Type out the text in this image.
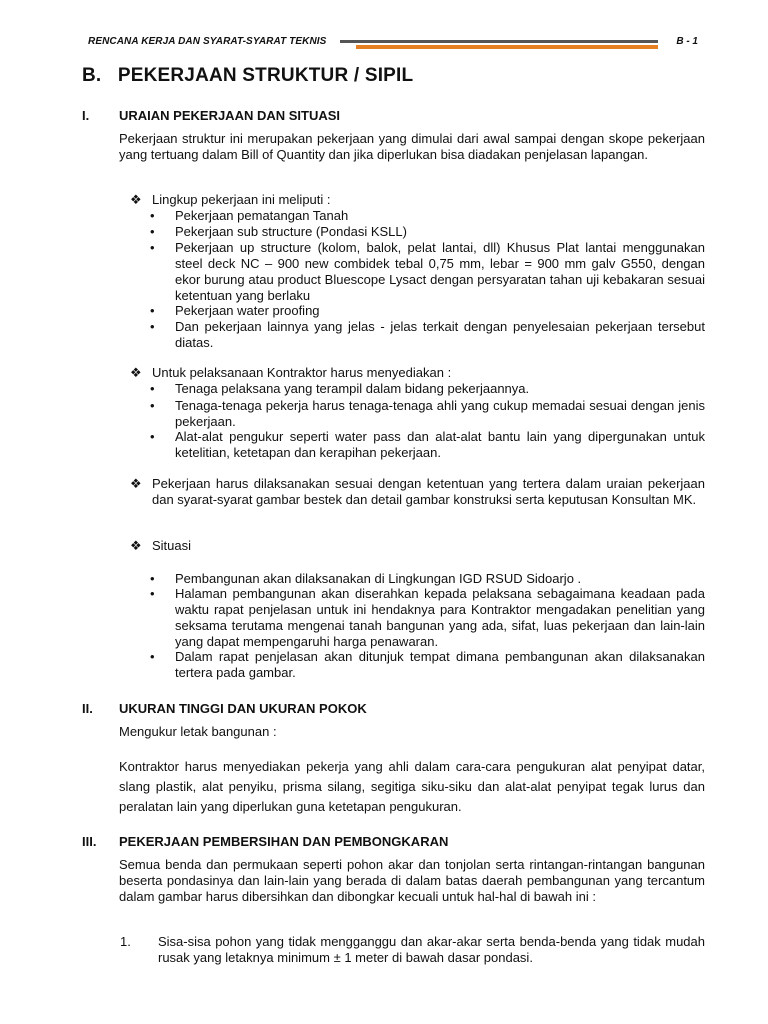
RENCANA KERJA DAN SYARAT-SYARAT TEKNIS	B - 1
B.   PEKERJAAN STRUKTUR / SIPIL
I. URAIAN PEKERJAAN DAN SITUASI
Pekerjaan struktur ini merupakan pekerjaan yang dimulai dari awal sampai dengan skope pekerjaan yang tertuang dalam Bill of Quantity dan jika diperlukan bisa diadakan penjelasan lapangan.
❖ Lingkup pekerjaan ini meliputi :
• Pekerjaan pematangan Tanah
• Pekerjaan sub structure (Pondasi KSLL)
• Pekerjaan up structure (kolom, balok, pelat lantai, dll) Khusus Plat lantai menggunakan steel deck NC – 900 new combidek tebal 0,75 mm, lebar = 900 mm galv G550, dengan ekor burung atau product Bluescope Lysact dengan persyaratan tahan uji kebakaran sesuai ketentuan yang berlaku
• Pekerjaan water proofing
• Dan pekerjaan lainnya yang jelas - jelas terkait dengan penyelesaian pekerjaan tersebut diatas.
❖ Untuk pelaksanaan Kontraktor harus menyediakan :
• Tenaga pelaksana yang terampil dalam bidang pekerjaannya.
• Tenaga-tenaga pekerja harus tenaga-tenaga ahli yang cukup memadai sesuai dengan jenis pekerjaan.
• Alat-alat pengukur seperti water pass dan alat-alat bantu lain yang dipergunakan untuk ketelitian, ketetapan dan kerapihan pekerjaan.
❖ Pekerjaan harus dilaksanakan sesuai dengan ketentuan yang tertera dalam uraian pekerjaan dan syarat-syarat gambar bestek dan detail gambar konstruksi serta keputusan Konsultan MK.
❖ Situasi
• Pembangunan akan dilaksanakan di Lingkungan IGD RSUD Sidoarjo .
• Halaman pembangunan akan diserahkan kepada pelaksana sebagaimana keadaan pada waktu rapat penjelasan untuk ini hendaknya para Kontraktor mengadakan penelitian yang seksama terutama mengenai tanah bangunan yang ada, sifat, luas pekerjaan dan lain-lain yang dapat mempengaruhi harga penawaran.
• Dalam rapat penjelasan akan ditunjuk tempat dimana pembangunan akan dilaksanakan tertera pada gambar.
II. UKURAN TINGGI DAN UKURAN POKOK
Mengukur letak bangunan :
Kontraktor harus menyediakan pekerja yang ahli dalam cara-cara pengukuran alat penyipat datar, slang plastik, alat penyiku, prisma silang, segitiga siku-siku dan alat-alat penyipat tegak lurus dan peralatan lain yang diperlukan guna ketetapan pengukuran.
III. PEKERJAAN PEMBERSIHAN DAN PEMBONGKARAN
Semua benda dan permukaan seperti pohon akar dan tonjolan serta rintangan-rintangan bangunan beserta pondasinya dan lain-lain yang berada di dalam batas daerah pembangunan yang tercantum dalam gambar harus dibersihkan dan dibongkar kecuali untuk hal-hal di bawah ini :
1. Sisa-sisa pohon yang tidak mengganggu dan akar-akar serta benda-benda yang tidak mudah rusak yang letaknya minimum ± 1 meter di bawah dasar pondasi.
